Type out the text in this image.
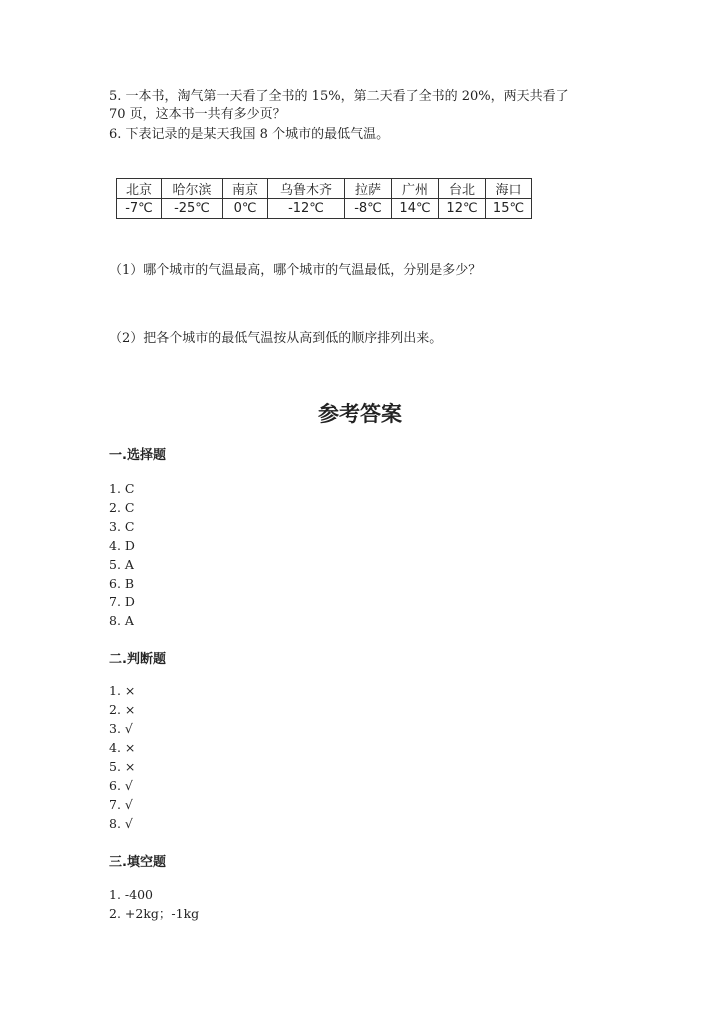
5. 一本书，淘气第一天看了全书的 15%，第二天看了全书的 20%，两天共看了
70 页，这本书一共有多少页？
6. 下表记录的是某天我国 8 个城市的最低气温。
北京	哈尔滨	南京	乌鲁木齐	拉萨	广州	台北	海口
-7℃	-25℃	0℃	-12℃	-8℃	14℃	12℃	15℃
（1）哪个城市的气温最高，哪个城市的气温最低，分别是多少？
（2）把各个城市的最低气温按从高到低的顺序排列出来。
参考答案
一.选择题
1. C
2. C
3. C
4. D
5. A
6. B
7. D
8. A
二.判断题
1. ×
2. ×
3. √
4. ×
5. ×
6. √
7. √
8. √
三.填空题
1. -400
2. +2kg；-1kg
